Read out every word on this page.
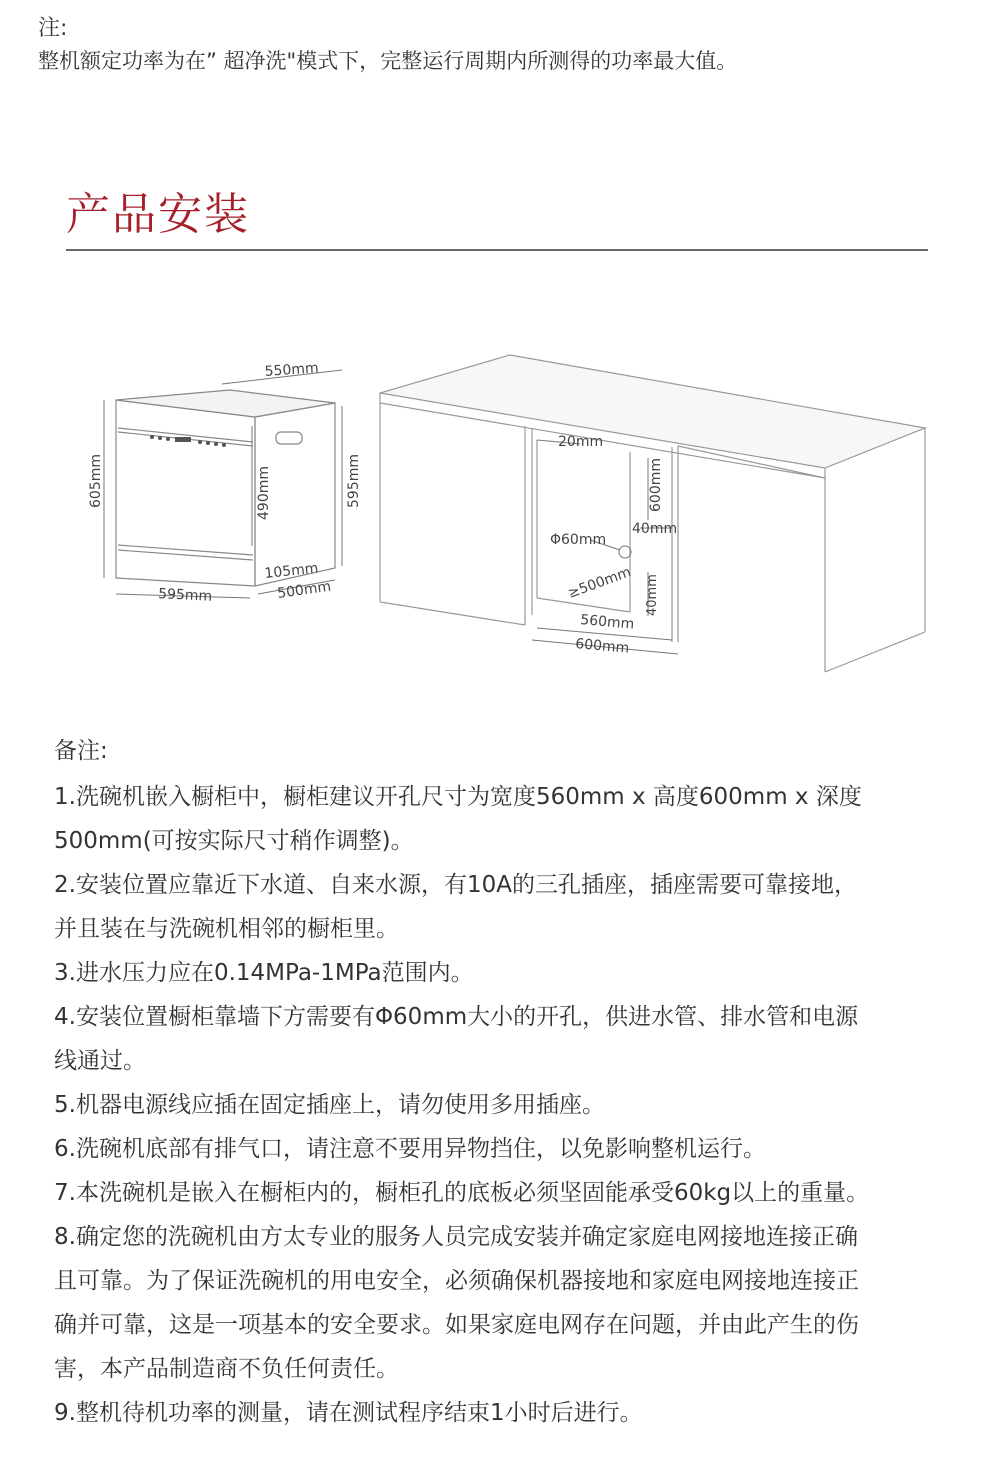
注:
整机额定功率为在” 超净洗"模式下，完整运行周期内所测得的功率最大值。
产品安装
550mm
605mm	490mm	595mm
105mm
595mm	500mm
20mm
600mm
40mm
Φ60mm
≥500mm 40mm
560mm
600mm
备注:
1.洗碗机嵌入橱柜中，橱柜建议开孔尺寸为宽度560mm x 高度600mm x 深度
500mm(可按实际尺寸稍作调整)。
2.安装位置应靠近下水道、自来水源，有10A的三孔插座，插座需要可靠接地，
并且装在与洗碗机相邻的橱柜里。
3.进水压力应在0.14MPa-1MPa范围内。
4.安装位置橱柜靠墙下方需要有Φ60mm大小的开孔，供进水管、排水管和电源
线通过。
5.机器电源线应插在固定插座上，请勿使用多用插座。
6.洗碗机底部有排气口，请注意不要用异物挡住，以免影响整机运行。
7.本洗碗机是嵌入在橱柜内的，橱柜孔的底板必须坚固能承受60kg以上的重量。
8.确定您的洗碗机由方太专业的服务人员完成安装并确定家庭电网接地连接正确
且可靠。为了保证洗碗机的用电安全，必须确保机器接地和家庭电网接地连接正
确并可靠，这是一项基本的安全要求。如果家庭电网存在问题，并由此产生的伤
害，本产品制造商不负任何责任。
9.整机待机功率的测量，请在测试程序结束1小时后进行。
